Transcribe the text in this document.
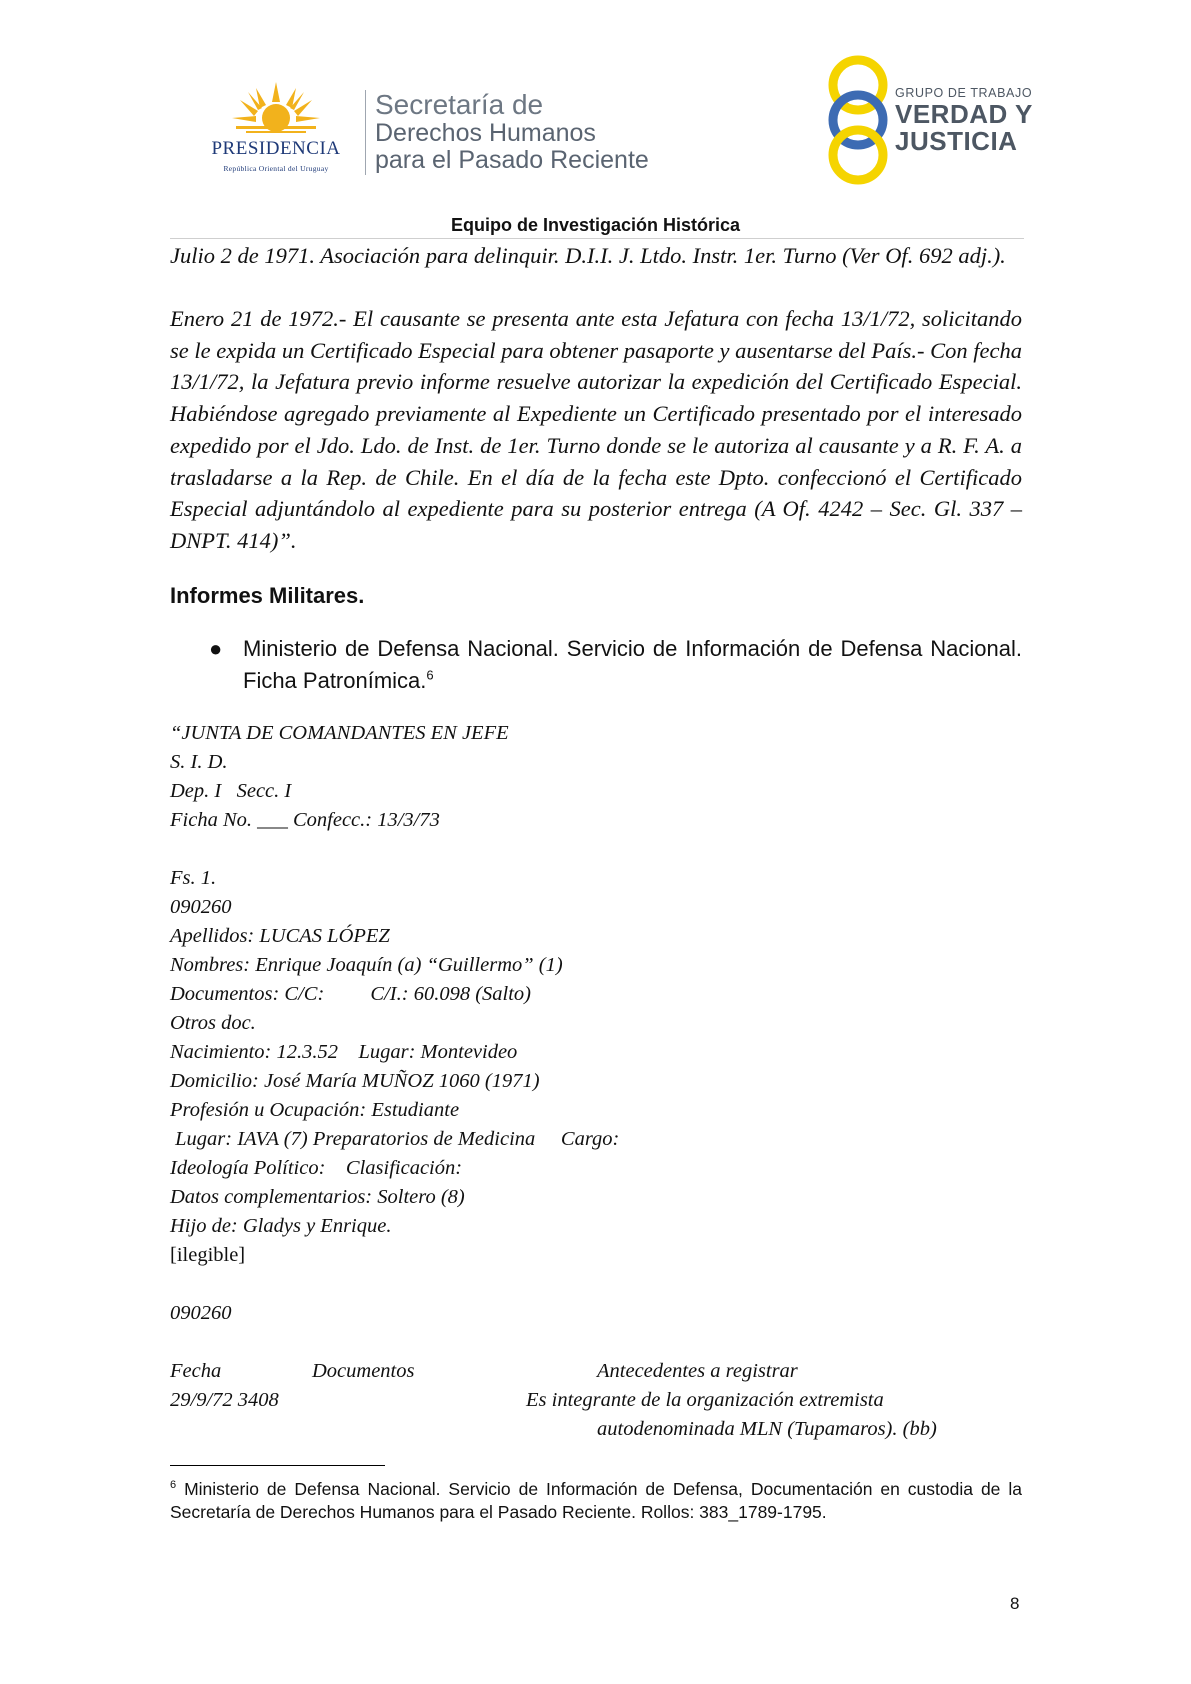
PRESIDENCIA
República Oriental del Uruguay
Secretaría de
Derechos Humanos
para el Pasado Reciente
GRUPO DE TRABAJO
VERDAD Y
JUSTICIA
Equipo de Investigación Histórica

Julio 2 de 1971. Asociación para delinquir. D.I.I. J. Ltdo. Instr. 1er. Turno (Ver Of. 692 adj.).

Enero 21 de 1972.- El causante se presenta ante esta Jefatura con fecha 13/1/72, solicitando se le expida un Certificado Especial para obtener pasaporte y ausentarse del País.- Con fecha 13/1/72, la Jefatura previo informe resuelve autorizar la expedición del Certificado Especial. Habiéndose agregado previamente al Expediente un Certificado presentado por el interesado expedido por el Jdo. Ldo. de Inst. de 1er. Turno donde se le autoriza al causante y a R. F. A. a trasladarse a la Rep. de Chile. En el día de la fecha este Dpto. confeccionó el Certificado Especial adjuntándolo al expediente para su posterior entrega (A Of. 4242 – Sec. Gl. 337 – DNPT. 414)”.

Informes Militares.
● Ministerio de Defensa Nacional. Servicio de Información de Defensa Nacional. Ficha Patronímica.$^6$
“JUNTA DE COMANDANTES EN JEFE
S. I. D.
Dep. I   Secc. I
Ficha No. ___ Confecc.: 13/3/73
Fs. 1.
090260
Apellidos: LUCAS LÓPEZ
Nombres: Enrique Joaquín (a) “Guillermo” (1)
Documentos: C/C:         C/I.: 60.098 (Salto)
Otros doc.
Nacimiento: 12.3.52    Lugar: Montevideo
Domicilio: José María MUÑOZ 1060 (1971)
Profesión u Ocupación: Estudiante
Lugar: IAVA (7) Preparatorios de Medicina     Cargo:
Ideología Político:    Clasificación:
Datos complementarios: Soltero (8)
Hijo de: Gladys y Enrique.
[ilegible]
090260
Fecha	Documentos	Antecedentes a registrar
29/9/72 3408	Es integrante de la organización extremista
autodenominada MLN (Tupamaros). (bb)
$^6$ Ministerio de Defensa Nacional. Servicio de Información de Defensa, Documentación en custodia de la Secretaría de Derechos Humanos para el Pasado Reciente. Rollos: 383_1789-1795.
8
